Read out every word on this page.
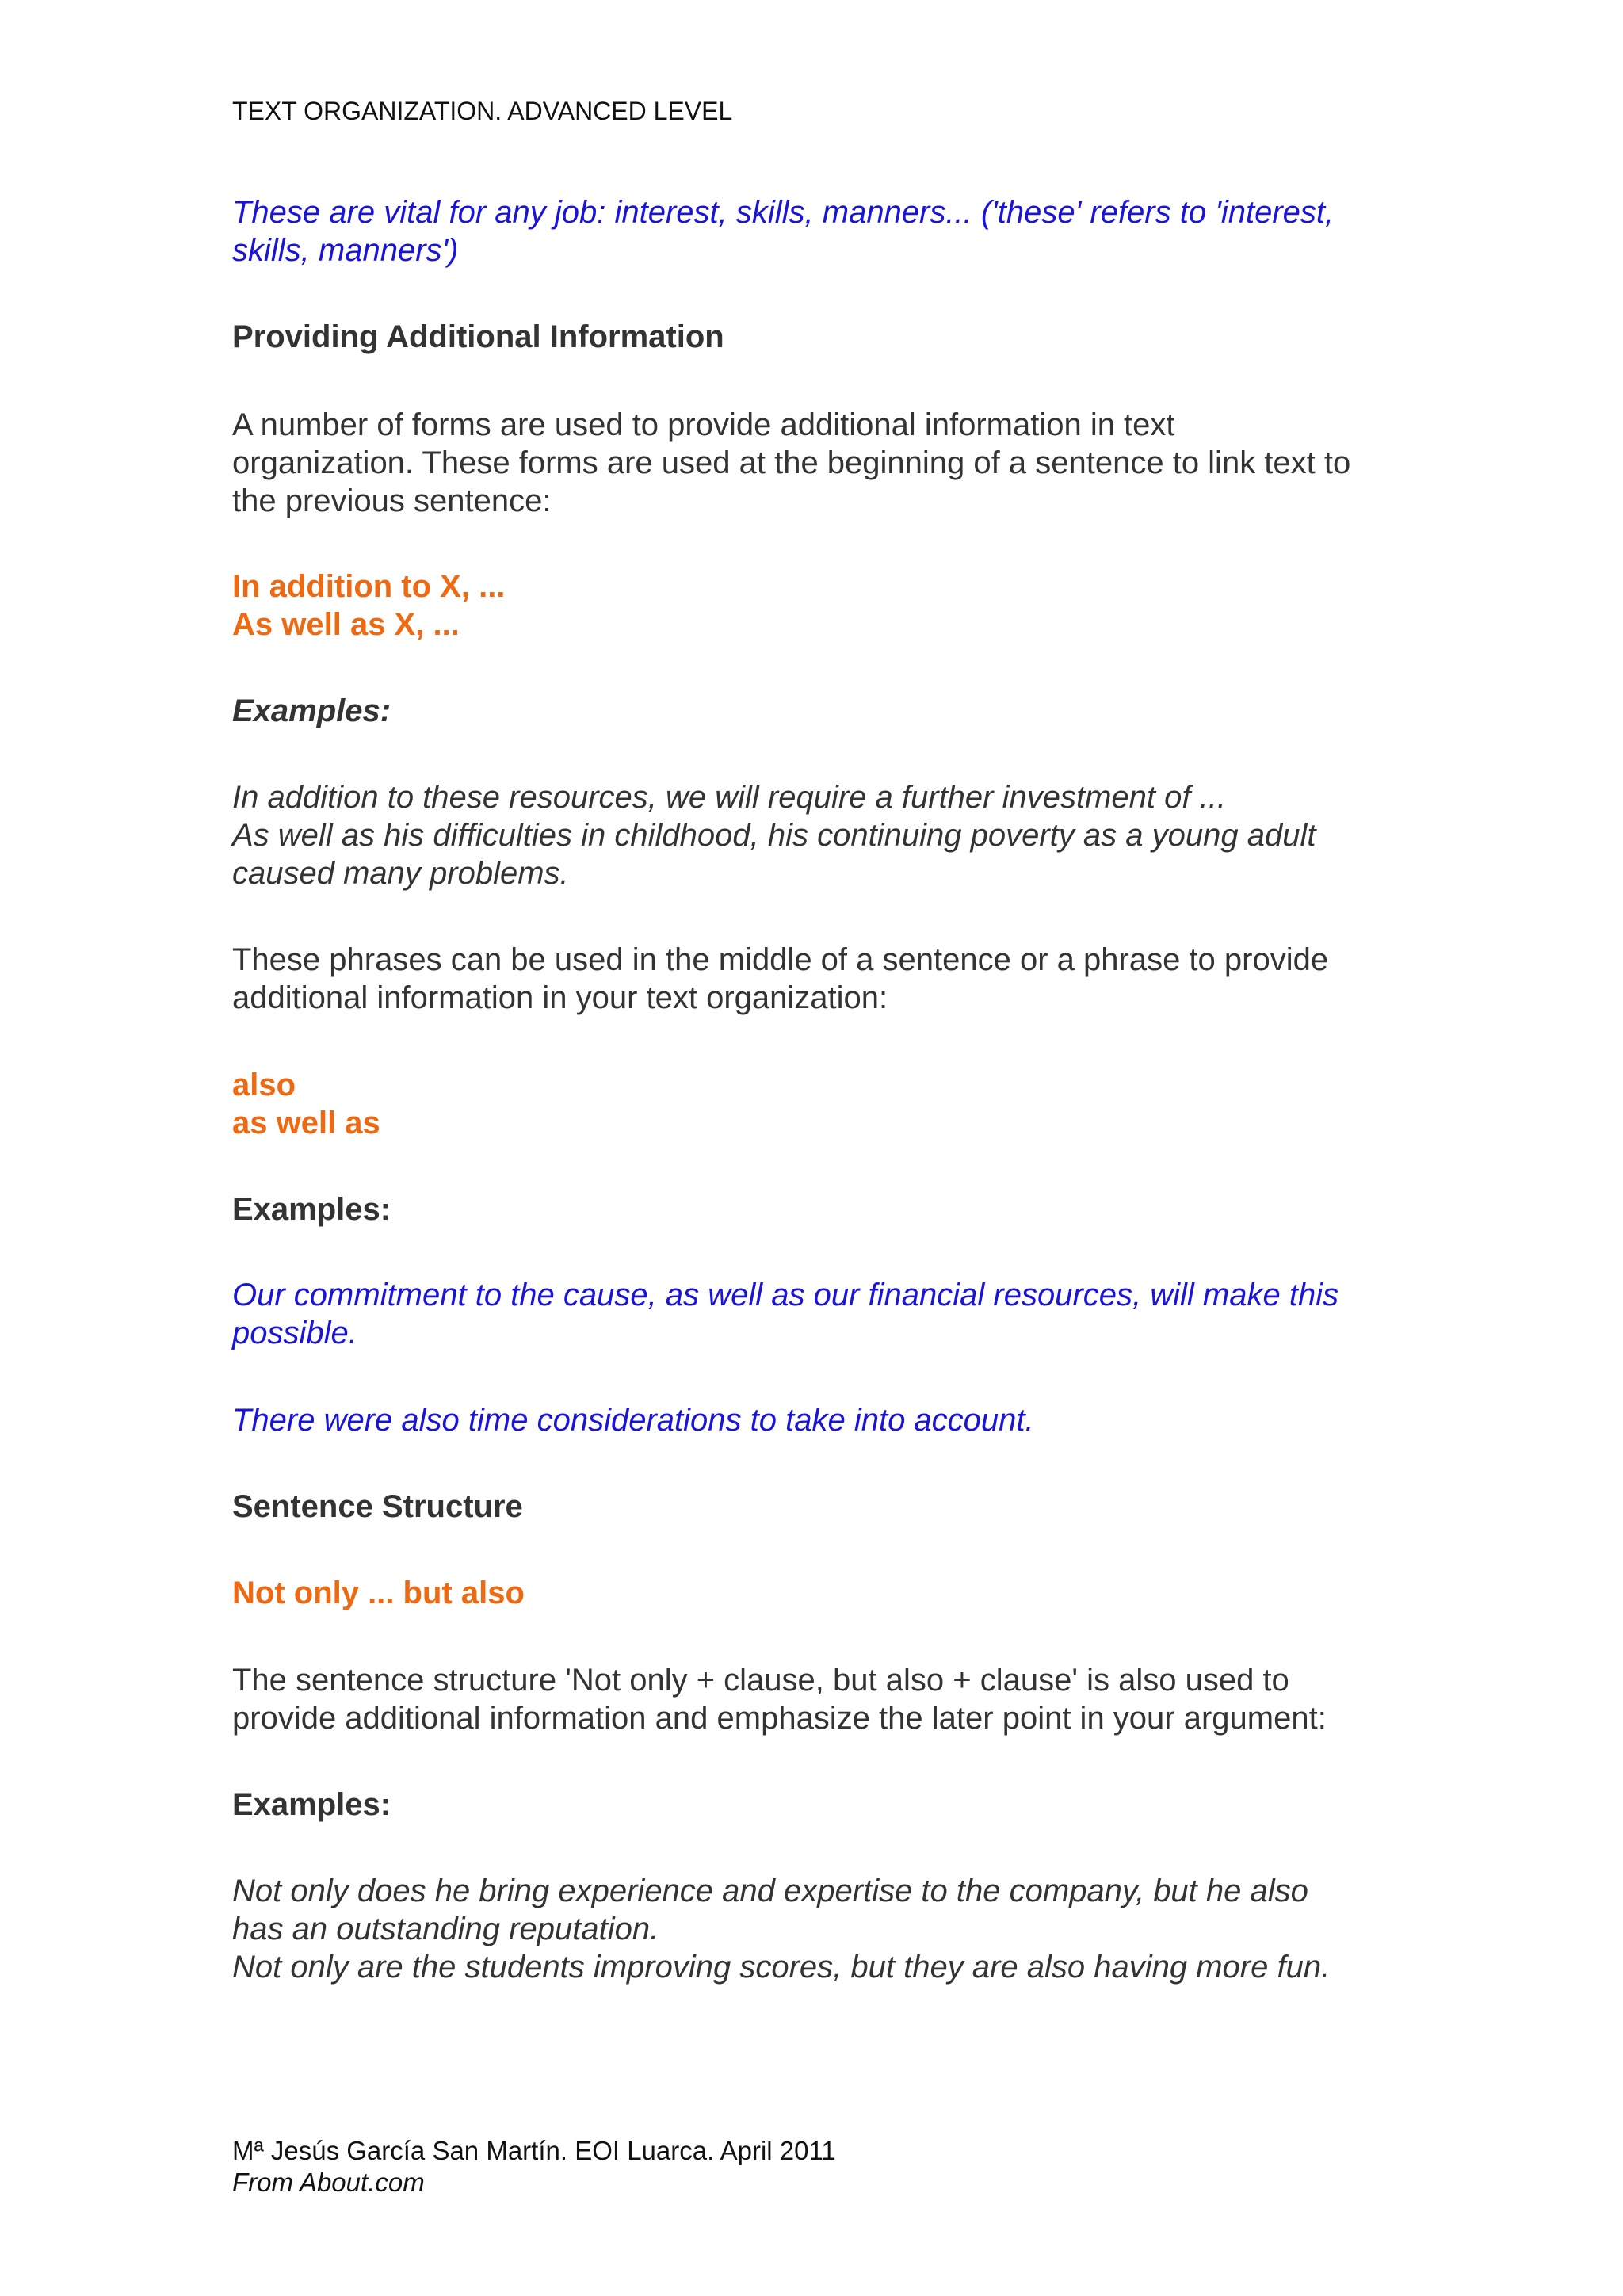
TEXT ORGANIZATION. ADVANCED LEVEL
These are vital for any job: interest, skills, manners... ('these' refers to 'interest,
skills, manners')
Providing Additional Information
A number of forms are used to provide additional information in text
organization. These forms are used at the beginning of a sentence to link text to
the previous sentence:
In addition to X, ...
As well as X, ...
Examples:
In addition to these resources, we will require a further investment of ...
As well as his difficulties in childhood, his continuing poverty as a young adult
caused many problems.
These phrases can be used in the middle of a sentence or a phrase to provide
additional information in your text organization:
also
as well as
Examples:
Our commitment to the cause, as well as our financial resources, will make this
possible.
There were also time considerations to take into account.
Sentence Structure
Not only ... but also
The sentence structure 'Not only + clause, but also + clause' is also used to
provide additional information and emphasize the later point in your argument:
Examples:
Not only does he bring experience and expertise to the company, but he also
has an outstanding reputation.
Not only are the students improving scores, but they are also having more fun.
Mª Jesús García San Martín. EOI Luarca. April 2011
From About.com
